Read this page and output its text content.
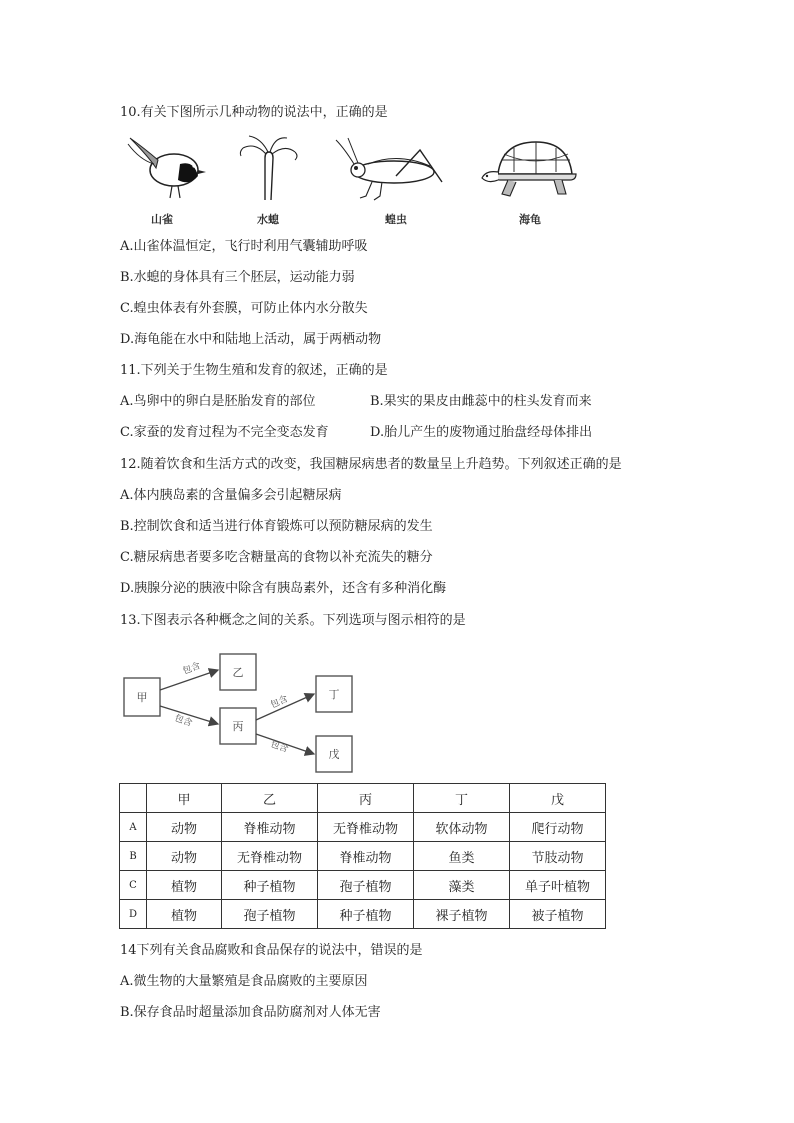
10.有关下图所示几种动物的说法中，正确的是
山雀	水螅	蝗虫	海龟
A.山雀体温恒定，飞行时利用气囊辅助呼吸
B.水螅的身体具有三个胚层，运动能力弱
C.蝗虫体表有外套膜，可防止体内水分散失
D.海龟能在水中和陆地上活动，属于两栖动物
11.下列关于生物生殖和发育的叙述，正确的是
A.鸟卵中的卵白是胚胎发育的部位	B.果实的果皮由雌蕊中的柱头发育而来
C.家蚕的发育过程为不完全变态发育	D.胎儿产生的废物通过胎盘经母体排出
12.随着饮食和生活方式的改变，我国糖尿病患者的数量呈上升趋势。下列叙述正确的是
A.体内胰岛素的含量偏多会引起糖尿病
B.控制饮食和适当进行体育锻炼可以预防糖尿病的发生
C.糖尿病患者要多吃含糖量高的食物以补充流失的糖分
D.胰腺分泌的胰液中除含有胰岛素外，还含有多种消化酶
13.下图表示各种概念之间的关系。下列选项与图示相符的是
甲
乙
丙
丁
戊
包含
包含
包含
包含
	甲	乙	丙	丁	戊
A	动物	脊椎动物	无脊椎动物	软体动物	爬行动物
B	动物	无脊椎动物	脊椎动物	鱼类	节肢动物
C	植物	种子植物	孢子植物	藻类	单子叶植物
D	植物	孢子植物	种子植物	裸子植物	被子植物
14下列有关食品腐败和食品保存的说法中，错误的是
A.微生物的大量繁殖是食品腐败的主要原因
B.保存食品时超量添加食品防腐剂对人体无害
